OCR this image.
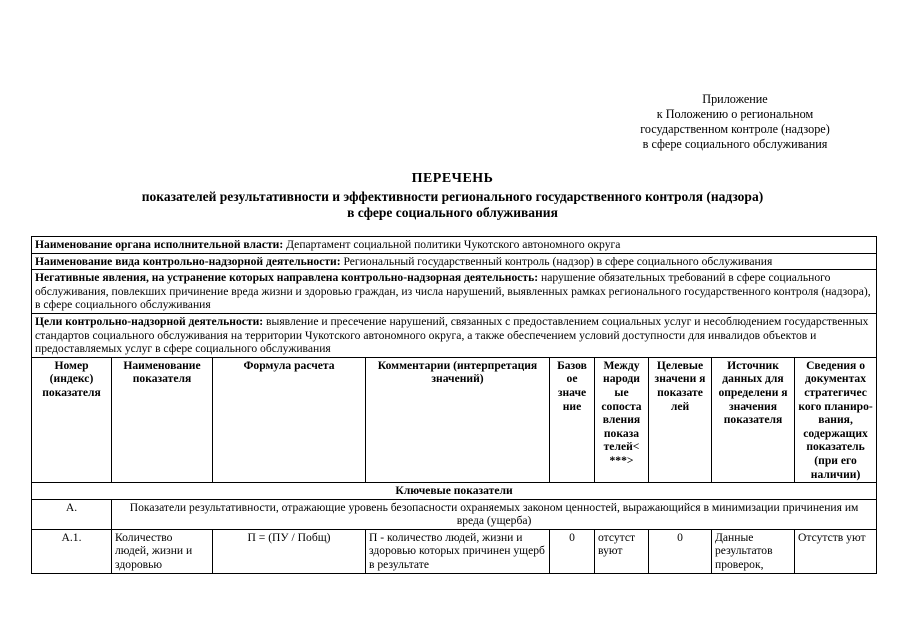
Приложение
к Положению о региональном
государственном контроле (надзоре)
в сфере социального обслуживания
ПЕРЕЧЕНЬ
показателей результативности и эффективности регионального государственного контроля (надзора)
в сфере социального облуживания
Наименование органа исполнительной власти: Департамент социальной политики Чукотского автономного округа								
Наименование вида контрольно-надзорной деятельности: Региональный государственный контроль (надзор) в сфере социального обслуживания								
Негативные явления, на устранение которых направлена контрольно-надзорная деятельность: нарушение обязательных требований в сфере социального обслуживания, повлекших причинение вреда жизни и здоровью граждан, из числа нарушений, выявленных рамках регионального государственного контроля (надзора), в сфере социального обслуживания								
Цели контрольно-надзорной деятельности: выявление и пресечение нарушений, связанных с предоставлением социальных услуг и несоблюдением государственных стандартов социального обслуживания на территории Чукотского автономного округа, а также обеспечением условий доступности для инвалидов объектов и предоставляемых услуг в сфере социального обслуживания								
Номер (индекс) показателя	Наименование показателя	Формула расчета	Комментарии (интерпретация значений)	Базов ое значе ние	Между народи ые сопоста вления показа телей< ***>	Целевые значени я показате лей	Источник данных для определени я значения показателя	Сведения о документах стратегичес кого планиро-вания, содержащих показатель (при его наличии)
Ключевые показатели								
А.	Показатели результативности, отражающие уровень безопасности охраняемых законом ценностей, выражающийся в минимизации причинения им вреда (ущерба)							
А.1.	Количество людей, жизни и здоровью	П = (ПУ / Побщ)	П - количество людей, жизни и здоровью которых причинен ущерб в результате	0	отсутст вуют	0	Данные результатов проверок,	Отсутств уют
